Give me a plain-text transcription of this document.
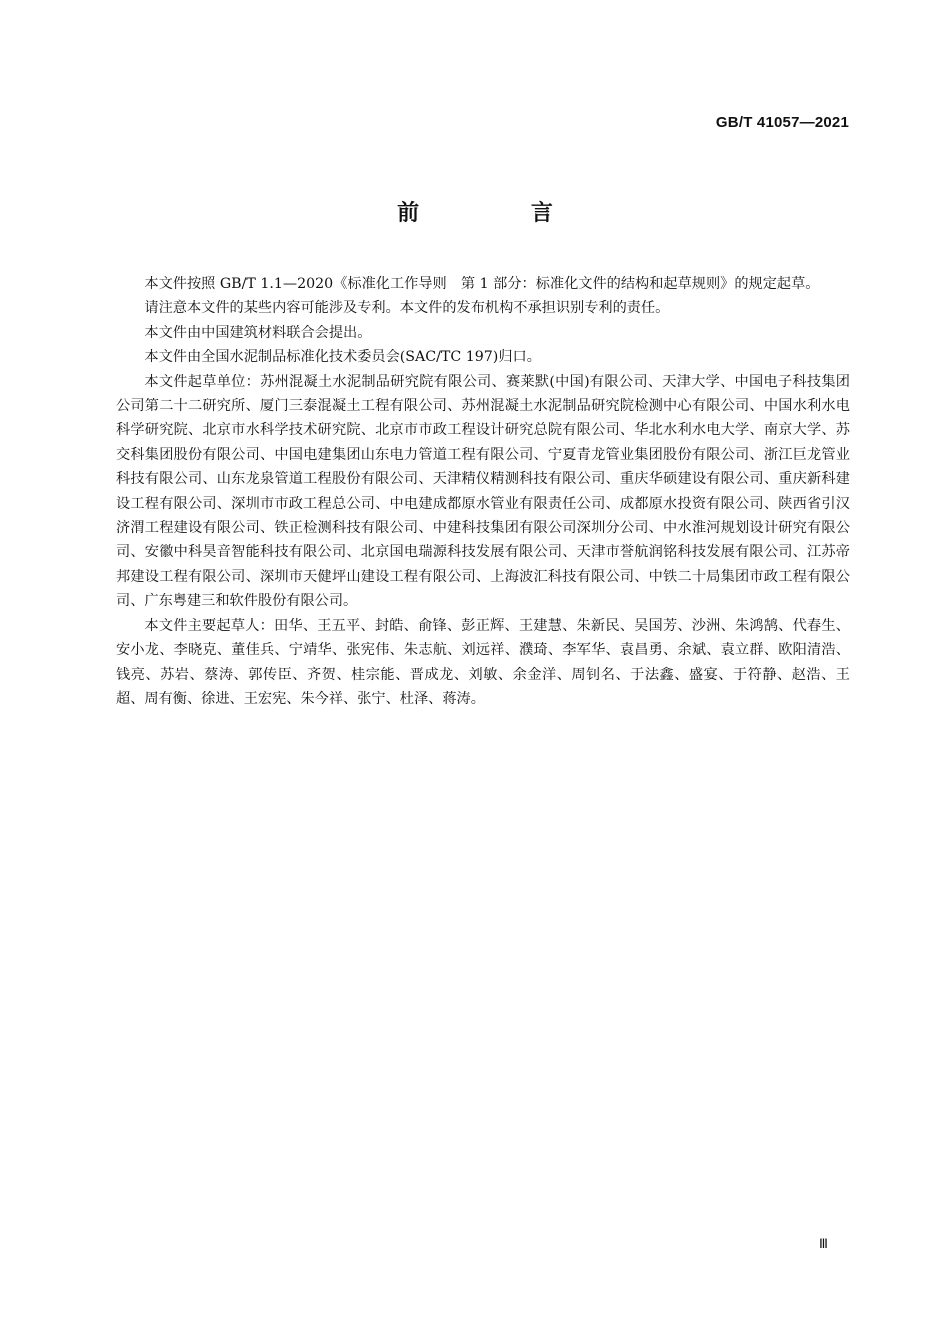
GB/T 41057—2021
前 言

本文件按照 GB/T 1.1—2020《标准化工作导则　第 1 部分：标准化文件的结构和起草规则》的规定起草。

请注意本文件的某些内容可能涉及专利。本文件的发布机构不承担识别专利的责任。

本文件由中国建筑材料联合会提出。

本文件由全国水泥制品标准化技术委员会(SAC/TC 197)归口。

本文件起草单位：苏州混凝土水泥制品研究院有限公司、赛莱默(中国)有限公司、天津大学、中国电子科技集团公司第二十二研究所、厦门三泰混凝土工程有限公司、苏州混凝土水泥制品研究院检测中心有限公司、中国水利水电科学研究院、北京市水科学技术研究院、北京市市政工程设计研究总院有限公司、华北水利水电大学、南京大学、苏交科集团股份有限公司、中国电建集团山东电力管道工程有限公司、宁夏青龙管业集团股份有限公司、浙江巨龙管业科技有限公司、山东龙泉管道工程股份有限公司、天津精仪精测科技有限公司、重庆华硕建设有限公司、重庆新科建设工程有限公司、深圳市市政工程总公司、中电建成都原水管业有限责任公司、成都原水投资有限公司、陕西省引汉济渭工程建设有限公司、铁正检测科技有限公司、中建科技集团有限公司深圳分公司、中水淮河规划设计研究有限公司、安徽中科昊音智能科技有限公司、北京国电瑞源科技发展有限公司、天津市誉航润铭科技发展有限公司、江苏帝邦建设工程有限公司、深圳市天健坪山建设工程有限公司、上海波汇科技有限公司、中铁二十局集团市政工程有限公司、广东粤建三和软件股份有限公司。

本文件主要起草人：田华、王五平、封皓、俞锋、彭正辉、王建慧、朱新民、吴国芳、沙洲、朱鸿鹄、代春生、安小龙、李晓克、董佳兵、宁靖华、张宪伟、朱志航、刘远祥、濮琦、李军华、袁昌勇、余斌、袁立群、欧阳清浩、钱亮、苏岩、蔡涛、郭传臣、齐贺、桂宗能、晋成龙、刘敏、余金洋、周钊名、于法鑫、盛宴、于符静、赵浩、王超、周有衡、徐进、王宏宪、朱今祥、张宁、杜泽、蒋涛。

Ⅲ
